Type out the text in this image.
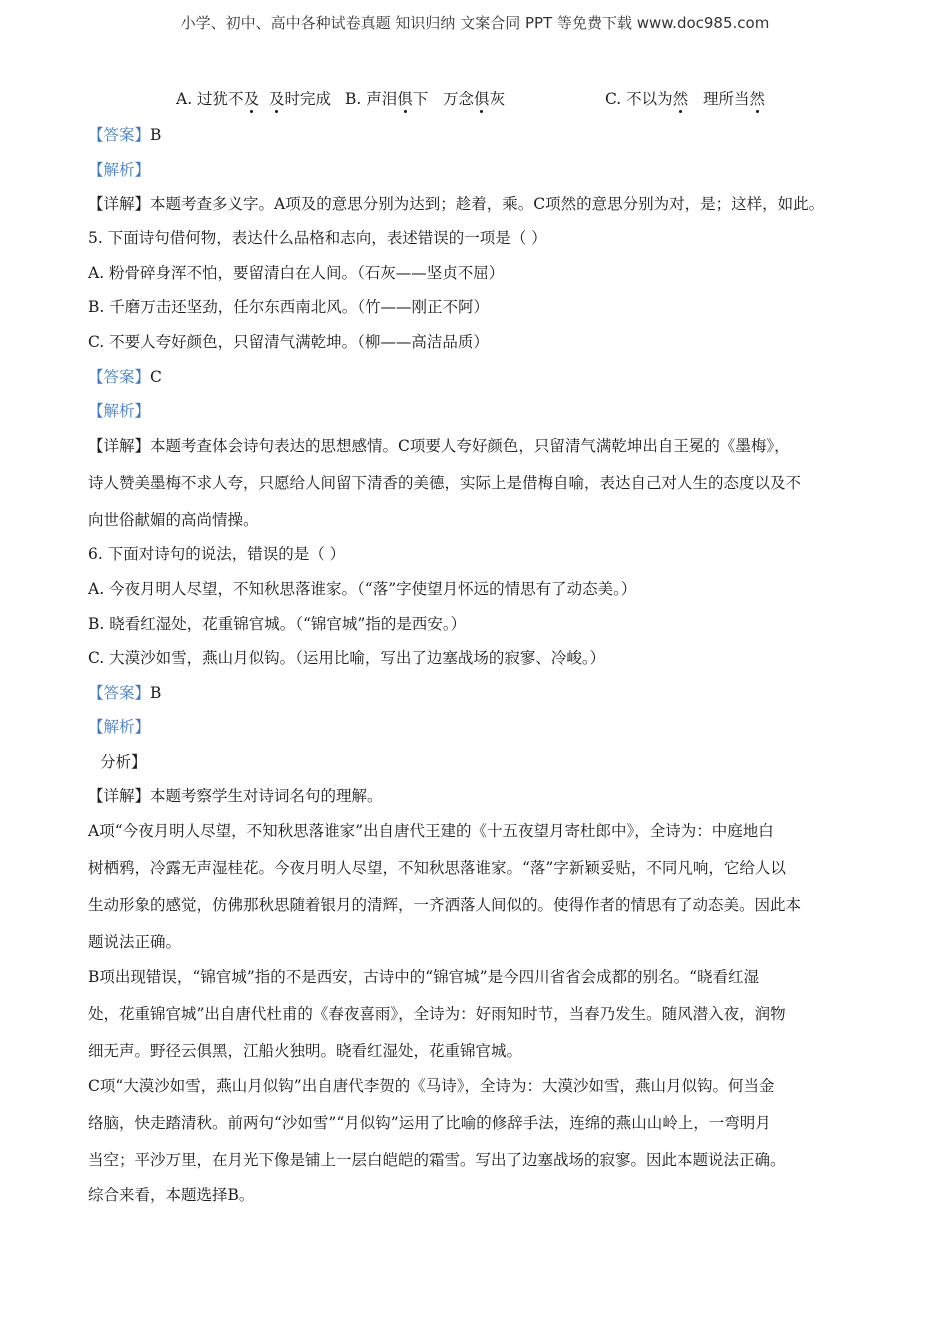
小学、初中、高中各种试卷真题 知识归纳 文案合同 PPT 等免费下载 www.doc985.com
A. 过犹不及 及时完成 B. 声泪俱下   万念俱灰	C. 不以为然   理所当然
【答案】B
【解析】
【详解】本题考查多义字。A项及的意思分别为达到；趁着，乘。C项然的意思分别为对，是；这样，如此。
5. 下面诗句借何物，表达什么品格和志向，表述错误的一项是（ ）
A. 粉骨碎身浑不怕，要留清白在人间。（石灰——坚贞不屈）
B. 千磨万击还坚劲，任尔东西南北风。（竹——刚正不阿）
C. 不要人夸好颜色，只留清气满乾坤。（柳——高洁品质）
【答案】C
【解析】
【详解】本题考查体会诗句表达的思想感情。C项要人夸好颜色，只留清气满乾坤出自王冕的《墨梅》，
诗人赞美墨梅不求人夸，只愿给人间留下清香的美德，实际上是借梅自喻，表达自己对人生的态度以及不
向世俗献媚的高尚情操。
6. 下面对诗句的说法，错误的是（ ）
A. 今夜月明人尽望，不知秋思落谁家。（“落”字使望月怀远的情思有了动态美。）
B. 晓看红湿处，花重锦官城。（“锦官城”指的是西安。）
C. 大漠沙如雪，燕山月似钩。（运用比喻，写出了边塞战场的寂寥、冷峻。）
【答案】B
【解析】
分析】
【详解】本题考察学生对诗词名句的理解。
A项“今夜月明人尽望，不知秋思落谁家”出自唐代王建的《十五夜望月寄杜郎中》，全诗为：中庭地白
树栖鸦，冷露无声湿桂花。今夜月明人尽望，不知秋思落谁家。“落”字新颖妥贴，不同凡响，它给人以
生动形象的感觉，仿佛那秋思随着银月的清辉，一齐洒落人间似的。使得作者的情思有了动态美。因此本
题说法正确。
B项出现错误，“锦官城”指的不是西安，古诗中的“锦官城”是今四川省省会成都的别名。“晓看红湿
处，花重锦官城”出自唐代杜甫的《春夜喜雨》，全诗为：好雨知时节，当春乃发生。随风潜入夜，润物
细无声。野径云俱黑，江船火独明。晓看红湿处，花重锦官城。
C项“大漠沙如雪，燕山月似钩”出自唐代李贺的《马诗》，全诗为：大漠沙如雪，燕山月似钩。何当金
络脑，快走踏清秋。前两句“沙如雪”“月似钩”运用了比喻的修辞手法，连绵的燕山山岭上，一弯明月
当空；平沙万里，在月光下像是铺上一层白皑皑的霜雪。写出了边塞战场的寂寥。因此本题说法正确。
综合来看，本题选择B。
